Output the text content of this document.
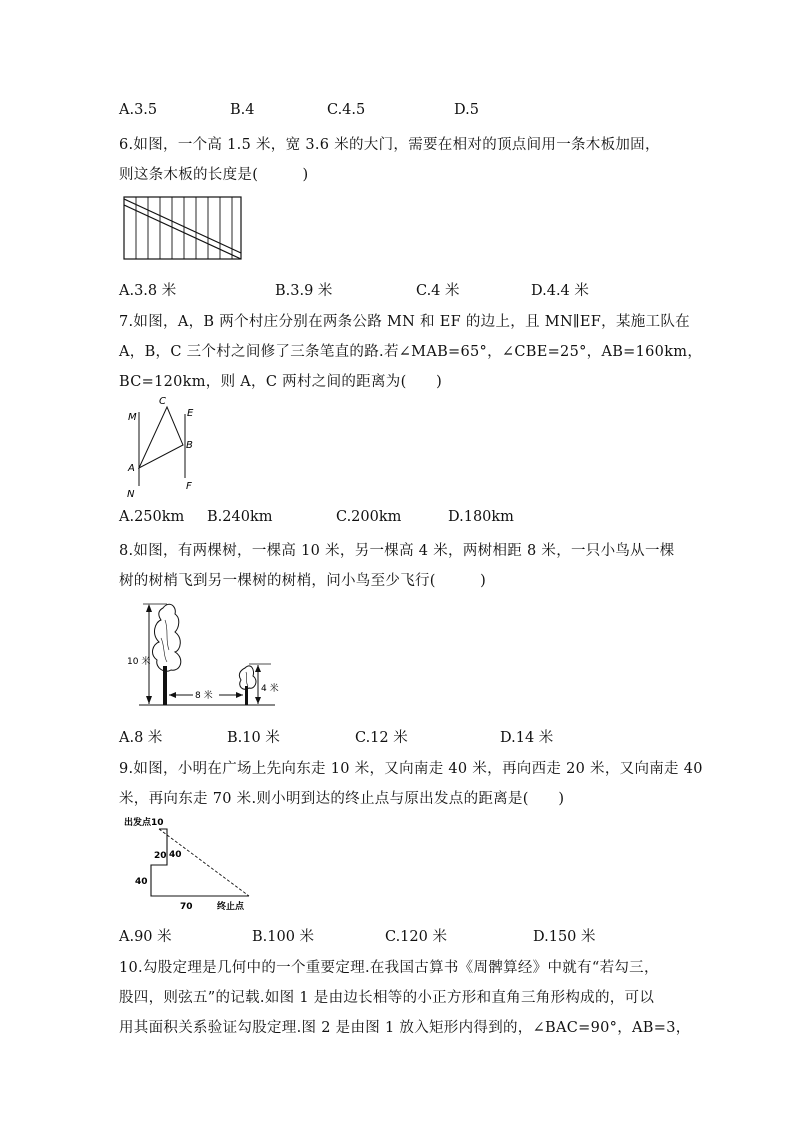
A.3.5	B.4	C.4.5	D.5
6.如图，一个高 1.5 米，宽 3.6 米的大门，需要在相对的顶点间用一条木板加固，
则这条木板的长度是(　　　)
A.3.8 米	B.3.9 米	C.4 米	D.4.4 米
7.如图，A，B 两个村庄分别在两条公路 MN 和 EF 的边上，且 MN∥EF，某施工队在
A，B，C 三个村之间修了三条笔直的路.若∠MAB=65°，∠CBE=25°，AB=160km，
BC=120km，则 A，C 两村之间的距离为(　　)
M
N
A
C
E
B
F
A.250km B.240km	C.200km	D.180km
8.如图，有两棵树，一棵高 10 米，另一棵高 4 米，两树相距 8 米，一只小鸟从一棵
树的树梢飞到另一棵树的树梢，问小鸟至少飞行(　　　)
10 米
4 米
8 米
A.8 米	B.10 米	C.12 米	D.14 米
9.如图，小明在广场上先向东走 10 米，又向南走 40 米，再向西走 20 米，又向南走 40
米，再向东走 70 米.则小明到达的终止点与原出发点的距离是(　　)
出发点10
20 40
40
70	终止点
A.90 米	B.100 米	C.120 米	D.150 米
10.勾股定理是几何中的一个重要定理.在我国古算书《周髀算经》中就有“若勾三，
股四，则弦五”的记载.如图 1 是由边长相等的小正方形和直角三角形构成的，可以
用其面积关系验证勾股定理.图 2 是由图 1 放入矩形内得到的，∠BAC=90°，AB=3，
